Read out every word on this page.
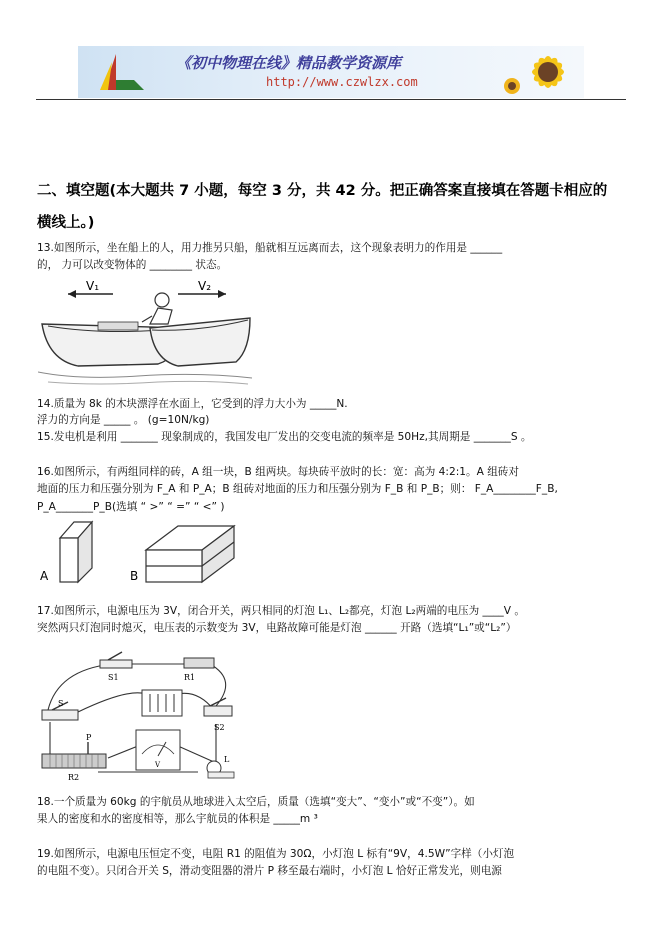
《初中物理在线》精品教学资源库
http://www.czwlzx.com
二、填空题(本大题共 7 小题，每空 3 分，共 42 分。把正确答案直接填在答题卡相应的
横线上。)
13.如图所示，坐在船上的人，用力推另只船，船就相互远离而去，这个现象表明力的作用是 ______
的， 力可以改变物体的 ________ 状态。
V₁	V₂
14.质量为 8k 的木块漂浮在水面上，它受到的浮力大小为 _____N.
浮力的方向是 _____ 。 (g=10N/kg)
15.发电机是利用 _______ 现象制成的，我国发电厂发出的交变电流的频率是 50Hz,其周期是 _______S 。
16.如图所示，有两组同样的砖，A 组一块，B 组两块。每块砖平放时的长：宽：高为 4:2:1。A 组砖对
地面的压力和压强分别为 F_A 和 P_A；B 组砖对地面的压力和压强分别为 F_B 和 P_B；则： F_A________F_B,
P_A_______P_B(选填 “ >” “ =” “ <” )
A	B
17.如图所示，电源电压为 3V，闭合开关，两只相同的灯泡 L₁、L₂都亮，灯泡 L₂两端的电压为 ____V 。
突然两只灯泡同时熄灭，电压表的示数变为 3V，电路故障可能是灯泡 ______ 开路（选填“L₁”或“L₂”）
S1	R1
S
S2
P
R2
V
L
18.一个质量为 60kg 的宇航员从地球进入太空后，质量（选填“变大”、“变小”或“不变”）。如
果人的密度和水的密度相等，那么宇航员的体积是 _____m ³
19.如图所示，电源电压恒定不变，电阻 R1 的阻值为 30Ω，小灯泡 L 标有“9V，4.5W”字样（小灯泡
的电阻不变）。只闭合开关 S，滑动变阻器的滑片 P 移至最右端时，小灯泡 L 恰好正常发光，则电源
